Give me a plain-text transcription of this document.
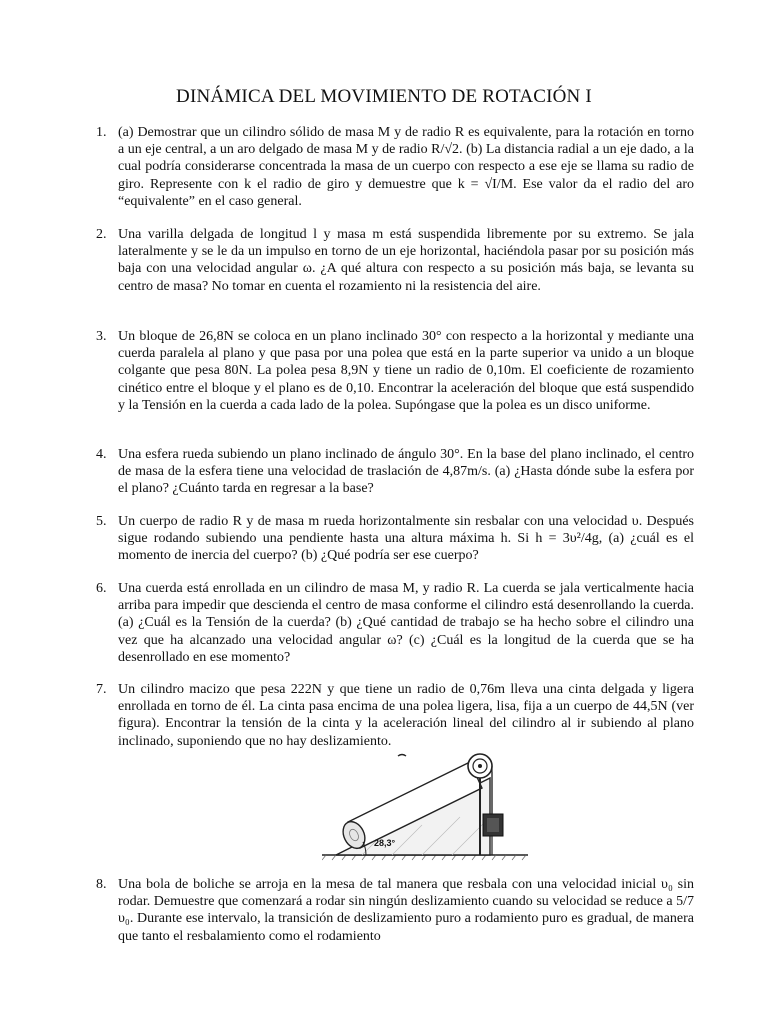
DINÁMICA DEL MOVIMIENTO DE ROTACIÓN I
1. (a) Demostrar que un cilindro sólido de masa M y de radio R es equivalente, para la rotación en torno a un eje central, a un aro delgado de masa M y de radio R/√2. (b) La distancia radial a un eje dado, a la cual podría considerarse concentrada la masa de un cuerpo con respecto a ese eje se llama su radio de giro. Represente con k el radio de giro y demuestre que k = √I/M. Ese valor da el radio del aro “equivalente” en el caso general.
2. Una varilla delgada de longitud l y masa m está suspendida libremente por su extremo. Se jala lateralmente y se le da un impulso en torno de un eje horizontal, haciéndola pasar por su posición más baja con una velocidad angular ω. ¿A qué altura con respecto a su posición más baja, se levanta su centro de masa? No tomar en cuenta el rozamiento ni la resistencia del aire.
3. Un bloque de 26,8N se coloca en un plano inclinado 30° con respecto a la horizontal y mediante una cuerda paralela al plano y que pasa por una polea que está en la parte superior va unido a un bloque colgante que pesa 80N. La polea pesa 8,9N y tiene un radio de 0,10m. El coeficiente de rozamiento cinético entre el bloque y el plano es de 0,10. Encontrar la aceleración del bloque que está suspendido y la Tensión en la cuerda a cada lado de la polea. Supóngase que la polea es un disco uniforme.
4. Una esfera rueda subiendo un plano inclinado de ángulo 30°. En la base del plano inclinado, el centro de masa de la esfera tiene una velocidad de traslación de 4,87m/s. (a) ¿Hasta dónde sube la esfera por el plano? ¿Cuánto tarda en regresar a la base?
5. Un cuerpo de radio R y de masa m rueda horizontalmente sin resbalar con una velocidad υ. Después sigue rodando subiendo una pendiente hasta una altura máxima h. Si h = 3υ²/4g, (a) ¿cuál es el momento de inercia del cuerpo? (b) ¿Qué podría ser ese cuerpo?
6. Una cuerda está enrollada en un cilindro de masa M, y radio R. La cuerda se jala verticalmente hacia arriba para impedir que descienda el centro de masa conforme el cilindro está desenrollando la cuerda. (a) ¿Cuál es la Tensión de la cuerda? (b) ¿Qué cantidad de trabajo se ha hecho sobre el cilindro una vez que ha alcanzado una velocidad angular ω? (c) ¿Cuál es la longitud de la cuerda que se ha desenrollado en ese momento?
7. Un cilindro macizo que pesa 222N y que tiene un radio de 0,76m lleva una cinta delgada y ligera enrollada en torno de él. La cinta pasa encima de una polea ligera, lisa, fija a un cuerpo de 44,5N (ver figura). Encontrar la tensión de la cinta y la aceleración lineal del cilindro al ir subiendo al plano inclinado, suponiendo que no hay deslizamiento.
28,3°
8. Una bola de boliche se arroja en la mesa de tal manera que resbala con una velocidad inicial υ₀ sin rodar. Demuestre que comenzará a rodar sin ningún deslizamiento cuando su velocidad se reduce a 5/7 υ₀. Durante ese intervalo, la transición de deslizamiento puro a rodamiento puro es gradual, de manera que tanto el resbalamiento como el rodamiento
